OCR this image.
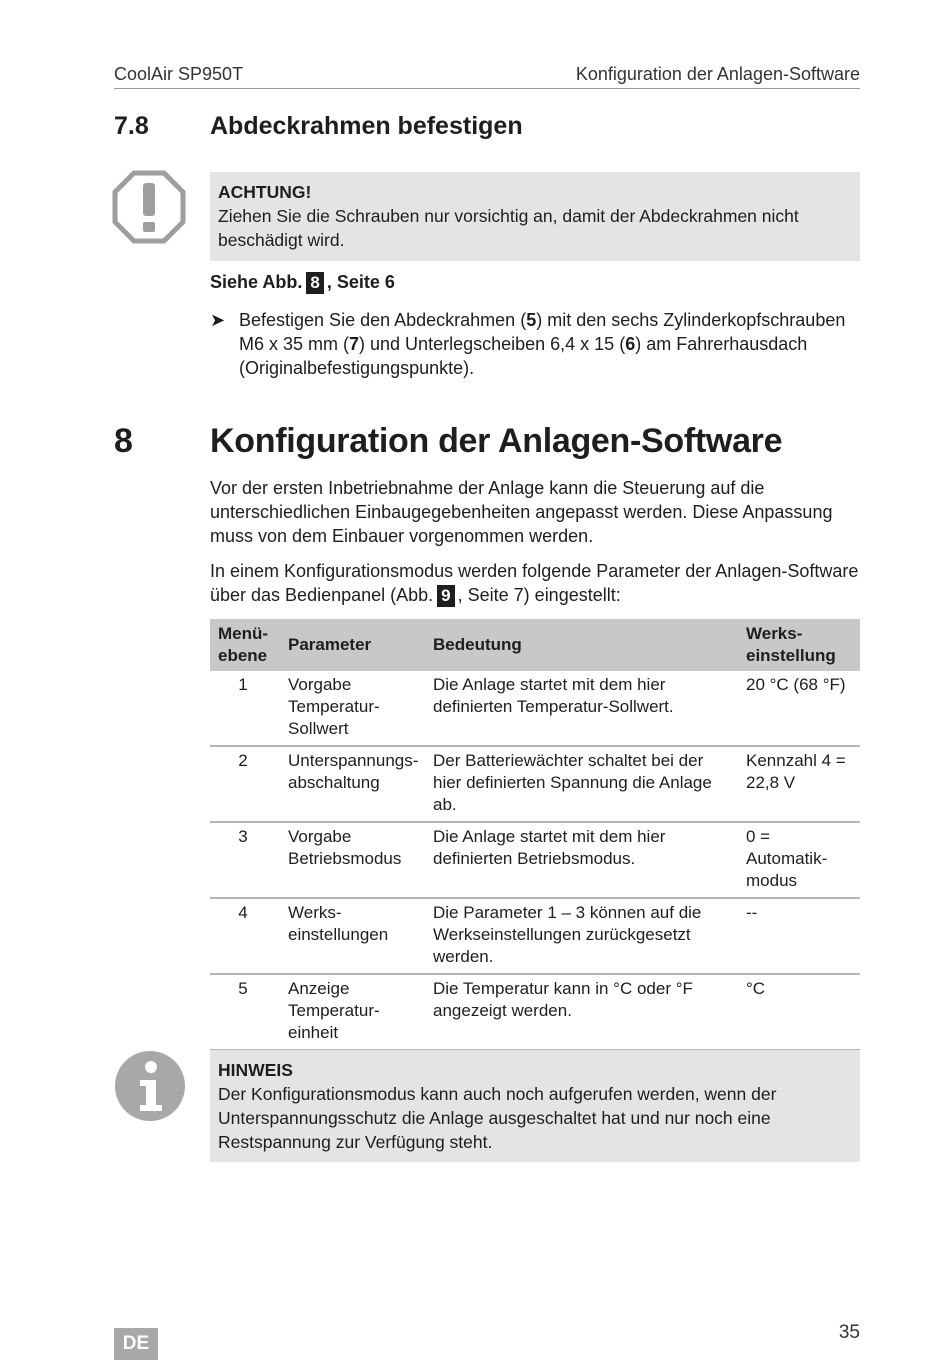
CoolAir SP950T	Konfiguration der Anlagen-Software
7.8 Abdeckrahmen befestigen
ACHTUNG!
Ziehen Sie die Schrauben nur vorsichtig an, damit der Abdeckrahmen nicht beschädigt wird.
Siehe Abb. 8 , Seite 6
➤ Befestigen Sie den Abdeckrahmen (5) mit den sechs Zylinderkopfschrauben M6 x 35 mm (7) und Unterlegscheiben 6,4 x 15 (6) am Fahrerhausdach (Originalbefestigungspunkte).
8 Konfiguration der Anlagen-Software
Vor der ersten Inbetriebnahme der Anlage kann die Steuerung auf die unterschiedlichen Einbaugegebenheiten angepasst werden. Diese Anpassung muss von dem Einbauer vorgenommen werden.
In einem Konfigurationsmodus werden folgende Parameter der Anlagen-Software über das Bedienpanel (Abb. 9 , Seite 7) eingestellt:
Menü-ebene	Parameter	Bedeutung	Werks-einstellung
1	Vorgabe Temperatur-Sollwert	Die Anlage startet mit dem hier definierten Temperatur-Sollwert.	20 °C (68 °F)
2	Unterspannungs-abschaltung	Der Batteriewächter schaltet bei der hier definierten Spannung die Anlage ab.	Kennzahl 4 = 22,8 V
3	Vorgabe Betriebsmodus	Die Anlage startet mit dem hier definierten Betriebsmodus.	0 = Automatik-modus
4	Werks-einstellungen	Die Parameter 1 – 3 können auf die Werkseinstellungen zurückgesetzt werden.	--
5	Anzeige Temperatur-einheit	Die Temperatur kann in °C oder °F angezeigt werden.	°C
HINWEIS
Der Konfigurationsmodus kann auch noch aufgerufen werden, wenn der Unterspannungsschutz die Anlage ausgeschaltet hat und nur noch eine Restspannung zur Verfügung steht.
DE
35
